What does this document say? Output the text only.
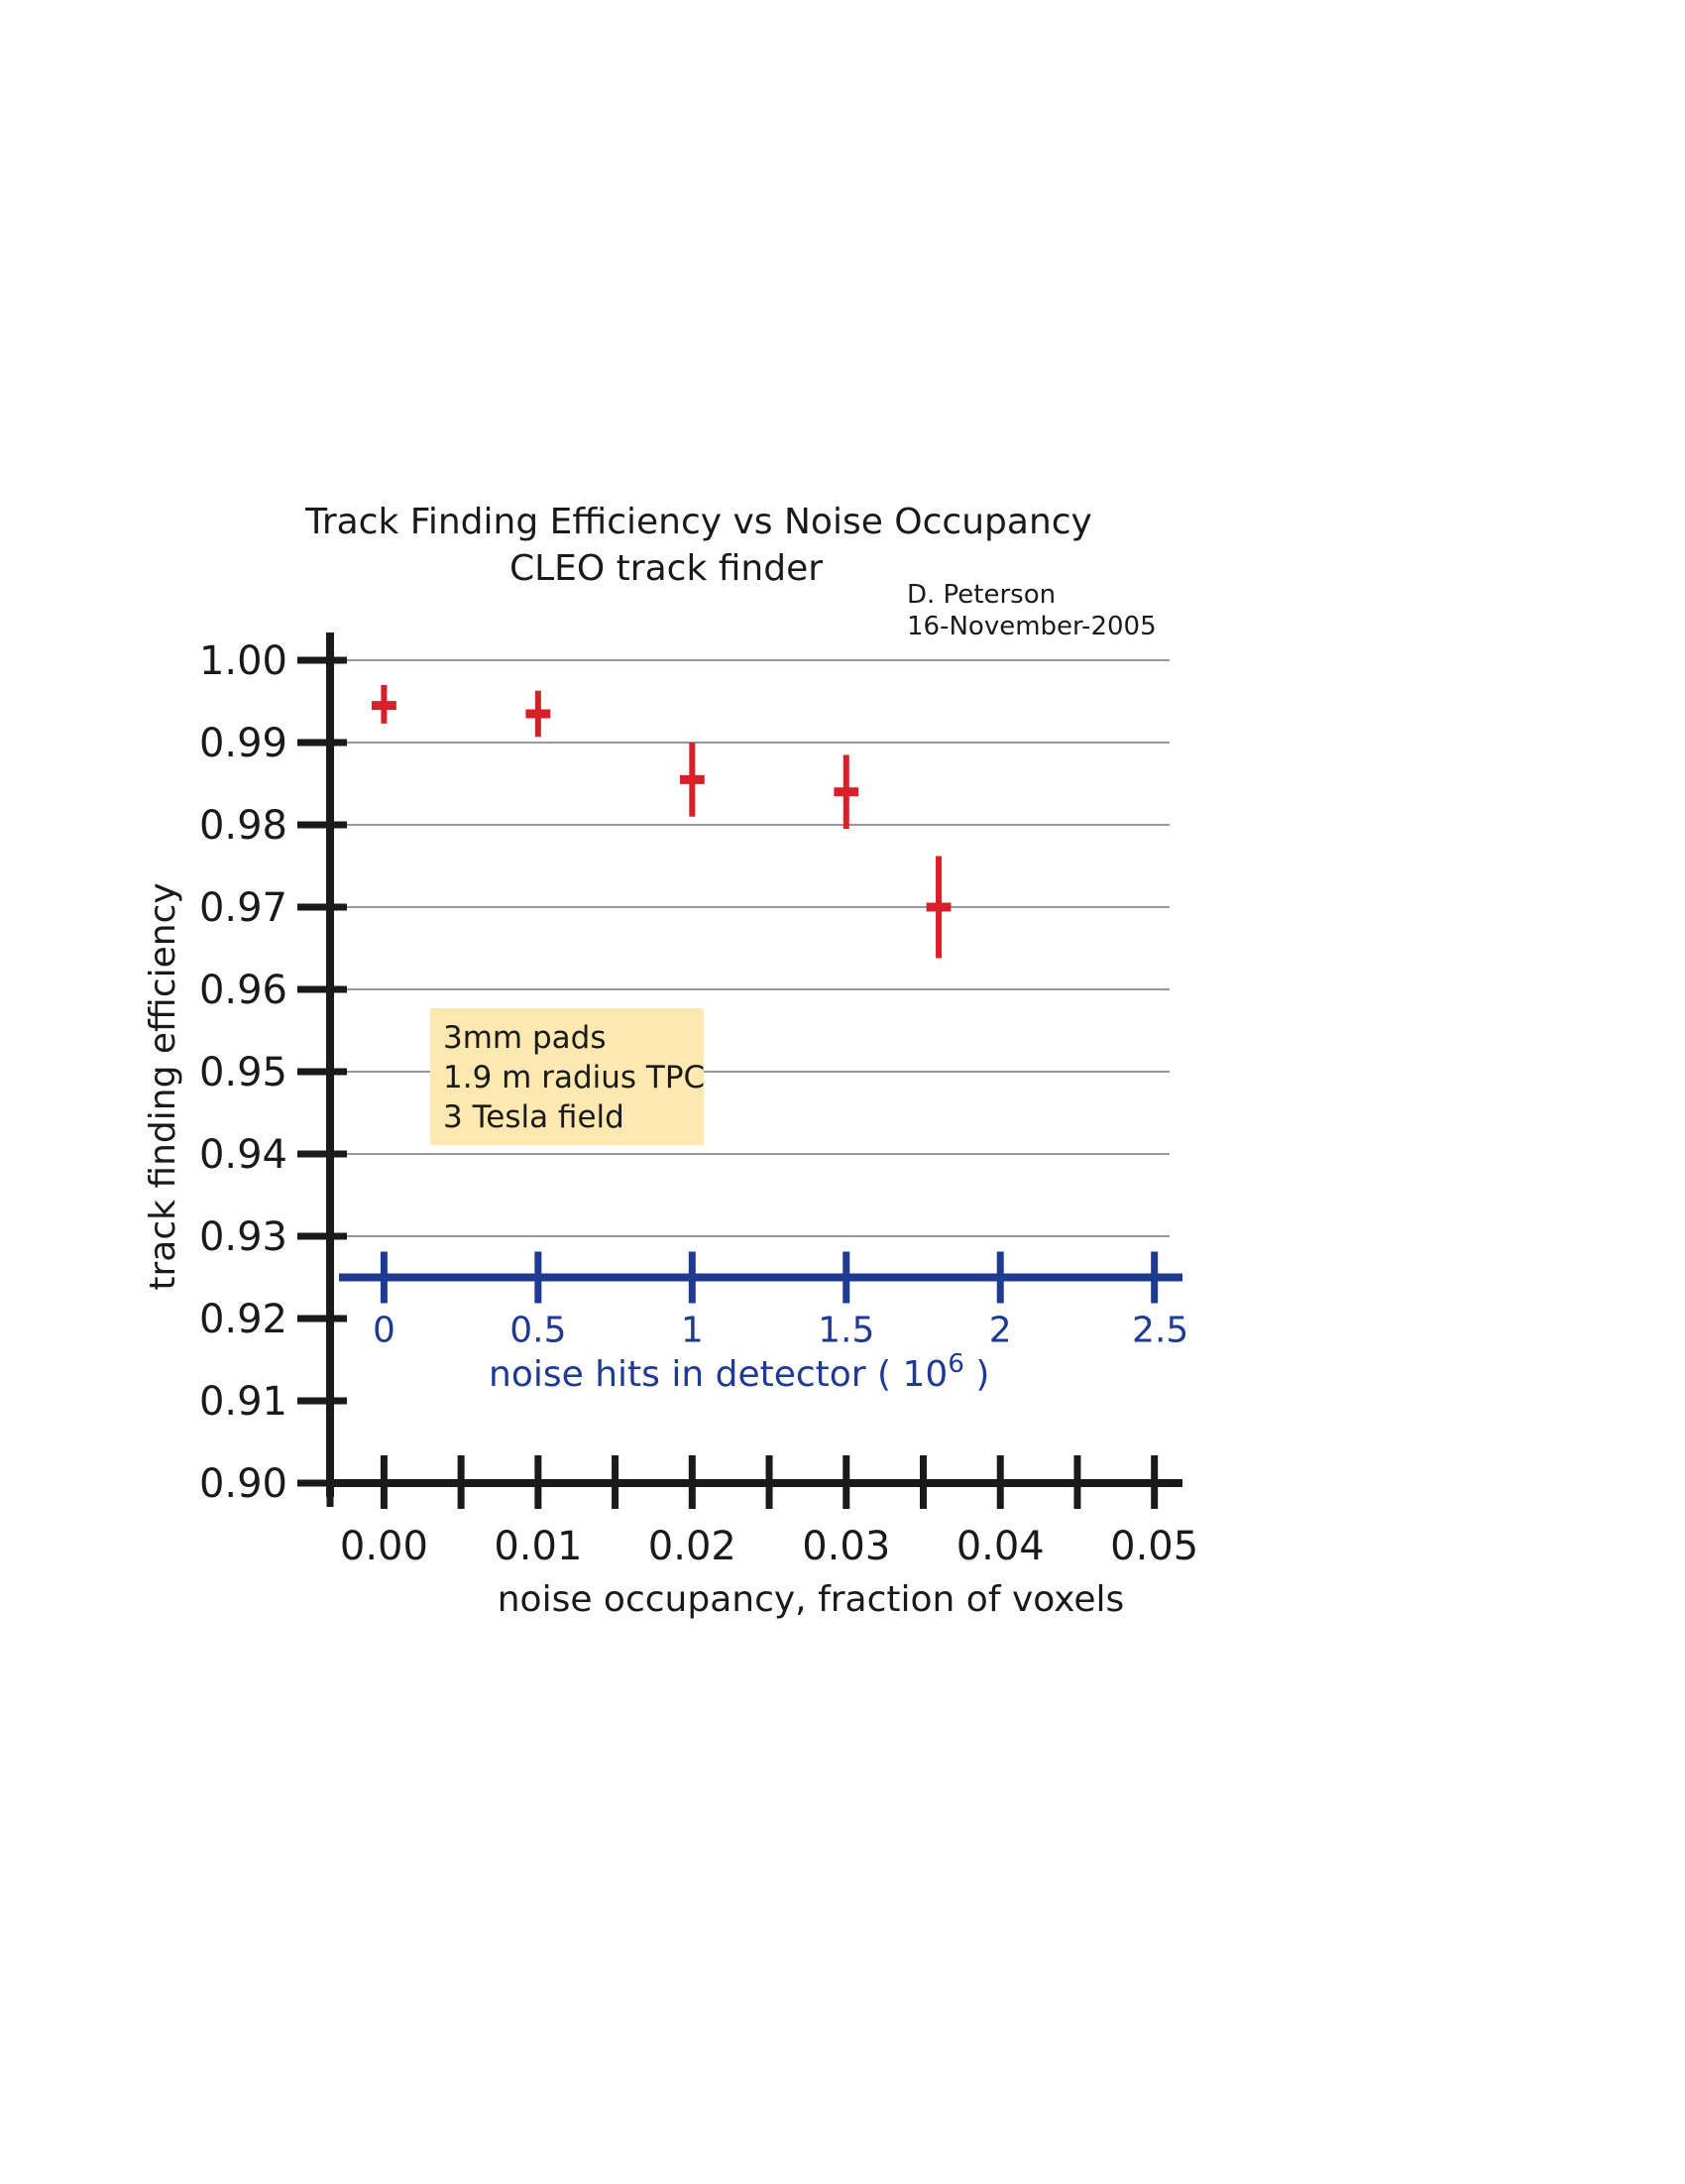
Track Finding Efficiency vs Noise Occupancy
CLEO track finder
D. Peterson
16-November-2005
3mm pads
1.9 m radius TPC
3 Tesla field
0.90
0.91
0.92
0.93
0.94
0.95
0.96
0.97
0.98
0.99
1.00
0.00 0.01 0.02 0.03 0.04 0.05
0	0.5	1	1.5	2	2.5
noise occupancy, fraction of voxels
track finding efficiency
noise hits in detector ( $10^6$ )
